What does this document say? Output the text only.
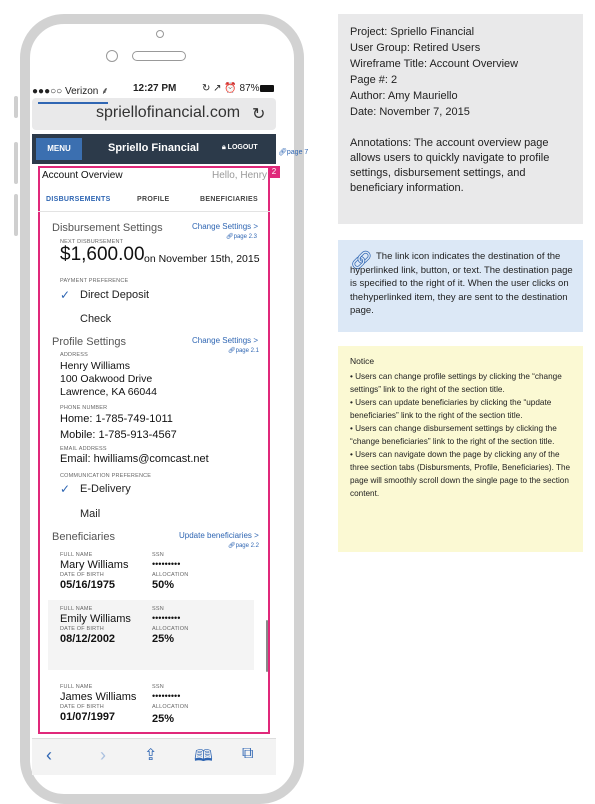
●●●○○ Verizon ⸙ 12:27 PM	↻ ↗ ⏰ 87%
spriellofinancial.com ↻
MENU	Spriello Financial	🔒︎ LOGOUT
Account Overview	Hello, Henry
DISBURSEMENTS	PROFILE	BENEFICIARIES
Disbursement Settings	Change Settings >
🔗︎page 2.3
NEXT DISBURSEMENT
$1,600.00 on November 15th, 2015
PAYMENT PREFERENCE
✓ Direct Deposit
Check
Profile Settings	Change Settings >
🔗︎page 2.1
ADDRESS
Henry Williams
100 Oakwood Drive
Lawrence, KA 66044
PHONE NUMBER
Home: 1-785-749-1011
Mobile: 1-785-913-4567
EMAIL ADDRESS
Email: hwilliams@comcast.net
COMMUNICATION PREFERENCE
✓ E-Delivery
Mail
Beneficiaries	Update beneficiaries >
🔗︎page 2.2
FULL NAME	SSN
Mary Williams	•••••••••
DATE OF BIRTH	ALLOCATION
05/16/1975	50%
FULL NAME	SSN
Emily Williams •••••••••
DATE OF BIRTH	ALLOCATION
08/12/2002	25%
FULL NAME	SSN
James Williams •••••••••
DATE OF BIRTH	ALLOCATION
01/07/1997	25%
‹	› ⇪ 🕮︎ ⧉
2
🔗︎page 7
Project: Spriello Financial
User Group: Retired Users
Wireframe Title: Account Overview
Page #: 2
Author: Amy Mauriello
Date: November 7, 2015
Annotations: The account overview page allows users to quickly navigate to profile settings, disbursement settings, and beneficiary information.
🔗︎ The link icon indicates the destination of the hyperlinked link, button, or text. The destination page is specified to the right of it. When the user clicks on thehyperlinked item, they are sent to the destination page.
Notice
• Users can change profile settings by clicking the “change settings” link to the right of the section title.
• Users can update beneficiaries by clicking the “update beneficiaries” link to the right of the section title.
• Users can change disbursement settings by clicking the “change beneficiaries” link to the right of the section title.
• Users can navigate down the page by clicking any of the three section tabs (Disbursments, Profile, Beneficiaries). The page will smoothly scroll down the single page to the section content.
